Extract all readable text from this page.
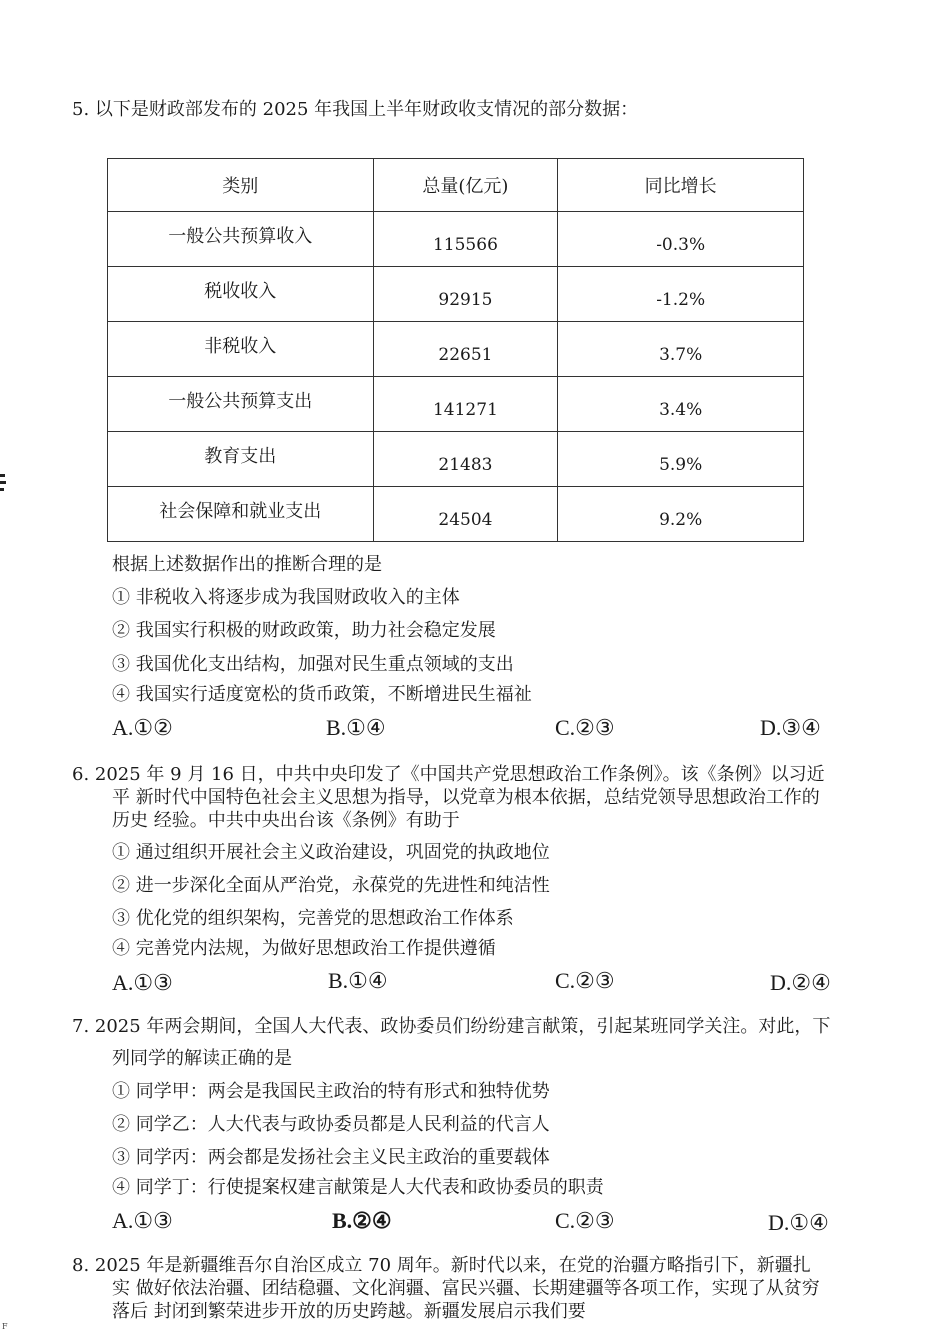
5. 以下是财政部发布的 2025 年我国上半年财政收支情况的部分数据：
类别	总量(亿元)	同比增长
一般公共预算收入	115566	-0.3%
税收收入	92915	-1.2%
非税收入	22651	3.7%
一般公共预算支出	141271	3.4%
教育支出	21483	5.9%
社会保障和就业支出	24504	9.2%
根据上述数据作出的推断合理的是
① 非税收入将逐步成为我国财政收入的主体
② 我国实行积极的财政政策，助力社会稳定发展
③ 我国优化支出结构，加强对民生重点领域的支出
④ 我国实行适度宽松的货币政策，不断增进民生福祉
A.①②	B.①④	C.②③	D.③④
6. 2025 年 9 月 16 日，中共中央印发了《中国共产党思想政治工作条例》。该《条例》以习近
平 新时代中国特色社会主义思想为指导，以党章为根本依据，总结党领导思想政治工作的
历史 经验。中共中央出台该《条例》有助于
① 通过组织开展社会主义政治建设，巩固党的执政地位
② 进一步深化全面从严治党，永葆党的先进性和纯洁性
③ 优化党的组织架构，完善党的思想政治工作体系
④ 完善党内法规，为做好思想政治工作提供遵循
A.①③	B.①④	C.②③	D.②④
7. 2025 年两会期间，全国人大代表、政协委员们纷纷建言献策，引起某班同学关注。对此，下
列同学的解读正确的是
① 同学甲：两会是我国民主政治的特有形式和独特优势
② 同学乙：人大代表与政协委员都是人民利益的代言人
③ 同学丙：两会都是发扬社会主义民主政治的重要载体
④ 同学丁：行使提案权建言献策是人大代表和政协委员的职责
A.①③	B.②④	C.②③	D.①④
8. 2025 年是新疆维吾尔自治区成立 70 周年。新时代以来，在党的治疆方略指引下，新疆扎
实 做好依法治疆、团结稳疆、文化润疆、富民兴疆、长期建疆等各项工作，实现了从贫穷
落后 封闭到繁荣进步开放的历史跨越。新疆发展启示我们要
F
